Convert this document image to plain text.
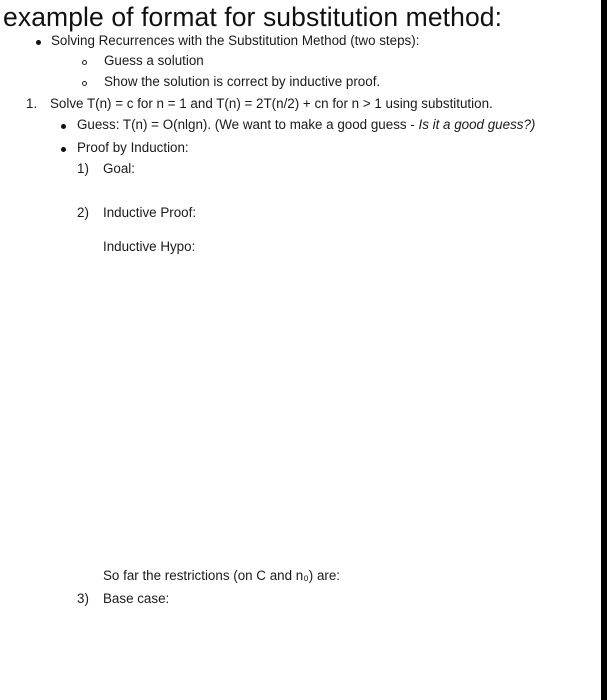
example of format for substitution method:
Solving Recurrences with the Substitution Method (two steps):
Guess a solution
Show the solution is correct by inductive proof.
1. Solve T(n) = c for n = 1 and T(n) = 2T(n/2) + cn for n > 1 using substitution.
Guess: T(n) = O(nlgn). (We want to make a good guess - Is it a good guess?)
Proof by Induction:
1) Goal:
2) Inductive Proof:
Inductive Hypo:
So far the restrictions (on C and n₀) are:
3) Base case:
